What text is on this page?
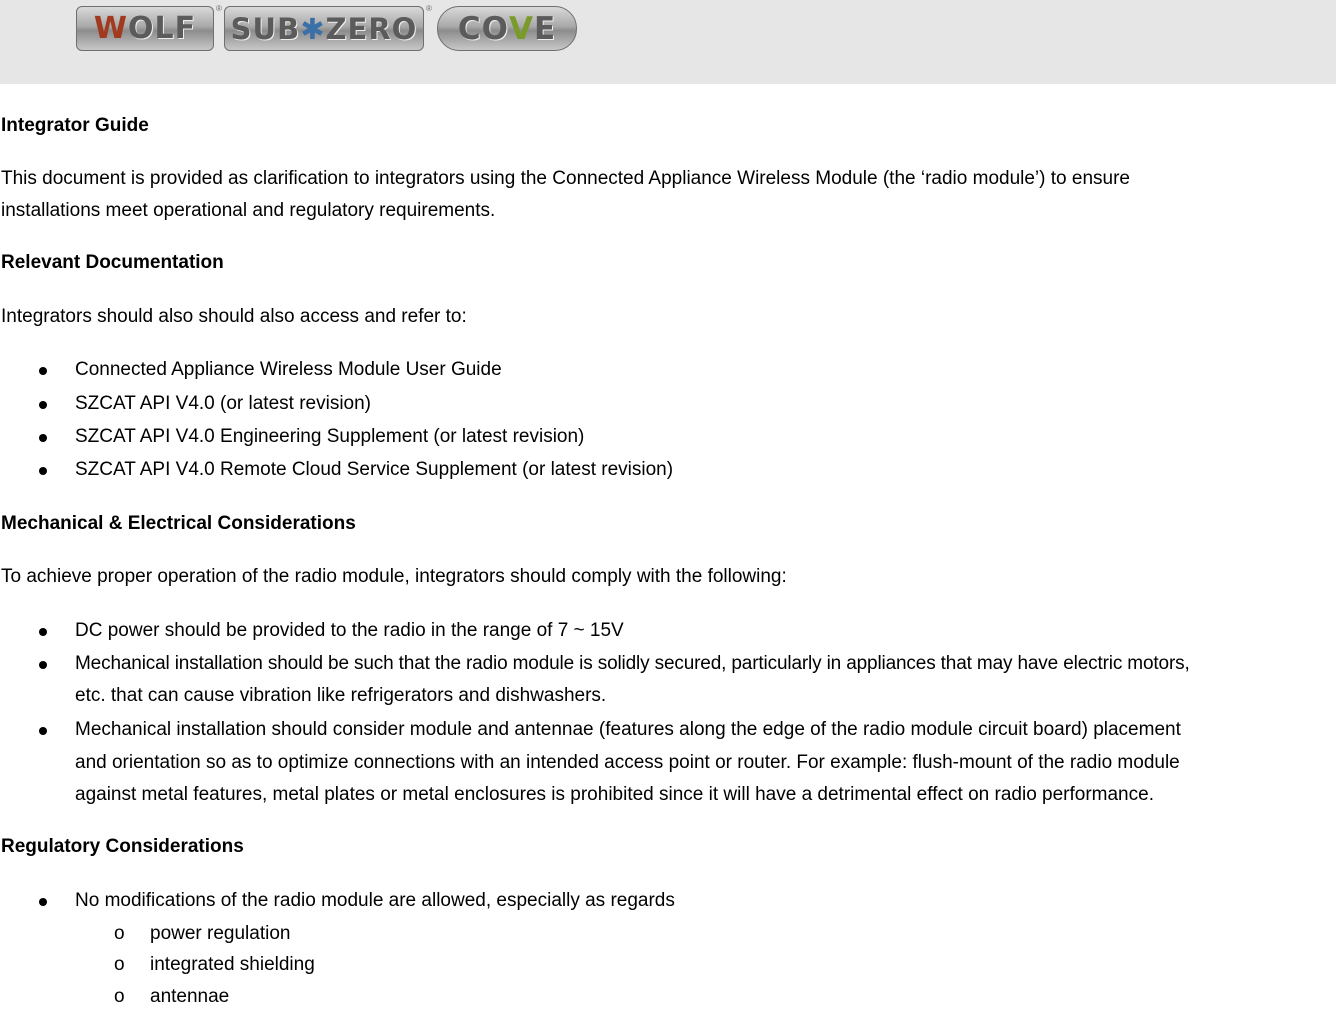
W OLF
®
SUB ✱ ZERO
®
CO V E
Integrator Guide
This document is provided as clarification to integrators using the Connected Appliance Wireless Module (the ‘radio module’) to ensure
installations meet operational and regulatory requirements.
Relevant Documentation
Integrators should also should also access and refer to:
Connected Appliance Wireless Module User Guide
SZCAT API V4.0 (or latest revision)
SZCAT API V4.0 Engineering Supplement (or latest revision)
SZCAT API V4.0 Remote Cloud Service Supplement (or latest revision)
Mechanical & Electrical Considerations
To achieve proper operation of the radio module, integrators should comply with the following:
DC power should be provided to the radio in the range of 7 ~ 15V
Mechanical installation should be such that the radio module is solidly secured, particularly in appliances that may have electric motors,
etc. that can cause vibration like refrigerators and dishwashers.
Mechanical installation should consider module and antennae (features along the edge of the radio module circuit board) placement
and orientation so as to optimize connections with an intended access point or router. For example: flush-mount of the radio module
against metal features, metal plates or metal enclosures is prohibited since it will have a detrimental effect on radio performance.
Regulatory Considerations
No modifications of the radio module are allowed, especially as regards
o power regulation
o integrated shielding
o antennae
